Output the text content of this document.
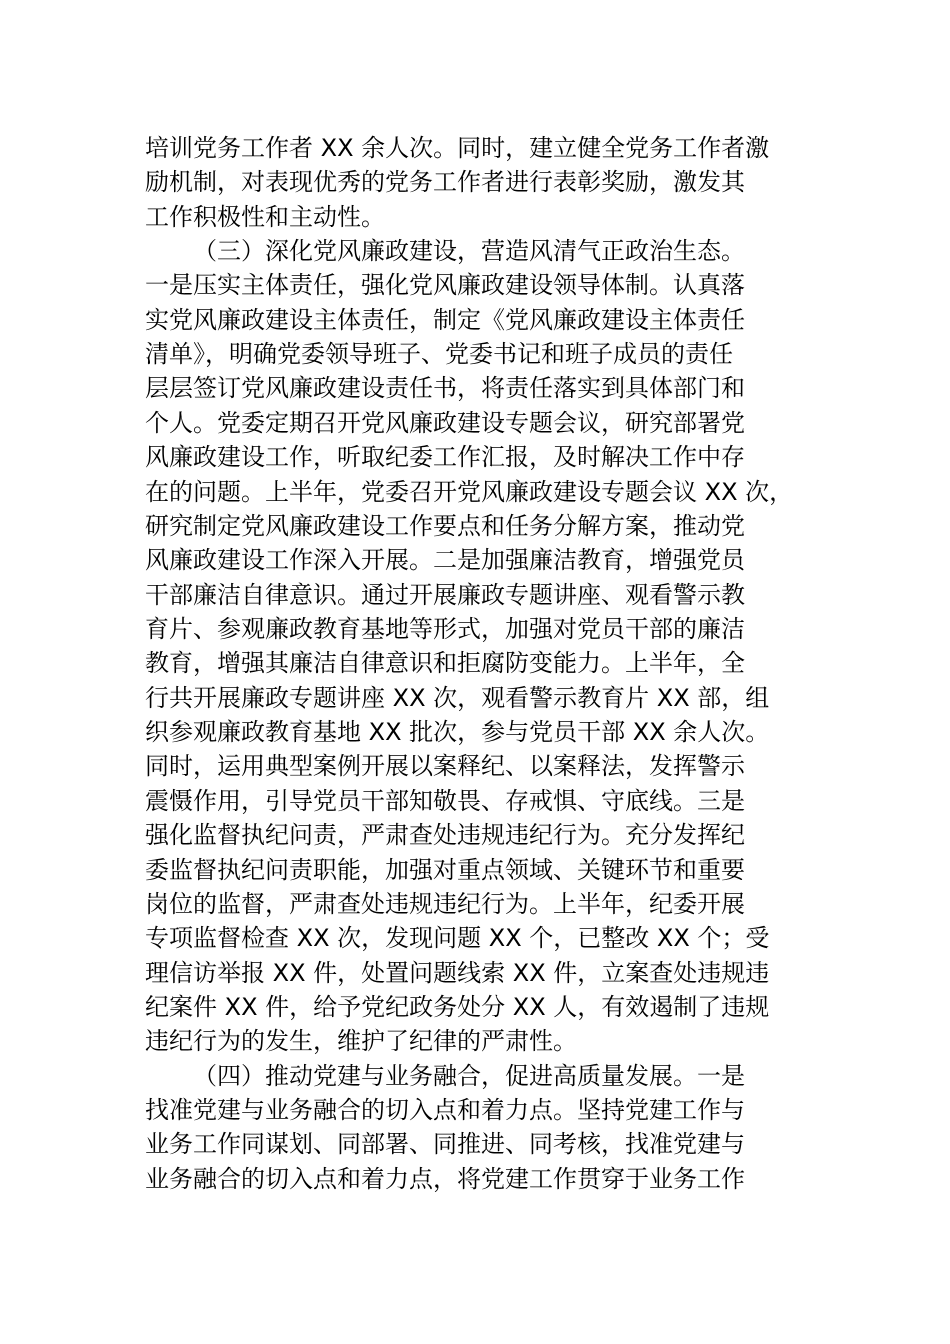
培训党务工作者 XX 余人次。同时，建立健全党务工作者激
励机制，对表现优秀的党务工作者进行表彰奖励，激发其
工作积极性和主动性。
（三）深化党风廉政建设，营造风清气正政治生态。
一是压实主体责任，强化党风廉政建设领导体制。认真落
实党风廉政建设主体责任，制定《党风廉政建设主体责任
清单》，明确党委领导班子、党委书记和班子成员的责任
层层签订党风廉政建设责任书，将责任落实到具体部门和
个人。党委定期召开党风廉政建设专题会议，研究部署党
风廉政建设工作，听取纪委工作汇报，及时解决工作中存
在的问题。上半年，党委召开党风廉政建设专题会议 XX 次，
研究制定党风廉政建设工作要点和任务分解方案，推动党
风廉政建设工作深入开展。二是加强廉洁教育，增强党员
干部廉洁自律意识。通过开展廉政专题讲座、观看警示教
育片、参观廉政教育基地等形式，加强对党员干部的廉洁
教育，增强其廉洁自律意识和拒腐防变能力。上半年，全
行共开展廉政专题讲座 XX 次，观看警示教育片 XX 部，组
织参观廉政教育基地 XX 批次，参与党员干部 XX 余人次。
同时，运用典型案例开展以案释纪、以案释法，发挥警示
震慑作用，引导党员干部知敬畏、存戒惧、守底线。三是
强化监督执纪问责，严肃查处违规违纪行为。充分发挥纪
委监督执纪问责职能，加强对重点领域、关键环节和重要
岗位的监督，严肃查处违规违纪行为。上半年，纪委开展
专项监督检查 XX 次，发现问题 XX 个，已整改 XX 个；受
理信访举报 XX 件，处置问题线索 XX 件，立案查处违规违
纪案件 XX 件，给予党纪政务处分 XX 人，有效遏制了违规
违纪行为的发生，维护了纪律的严肃性。
（四）推动党建与业务融合，促进高质量发展。一是
找准党建与业务融合的切入点和着力点。坚持党建工作与
业务工作同谋划、同部署、同推进、同考核，找准党建与
业务融合的切入点和着力点，将党建工作贯穿于业务工作
